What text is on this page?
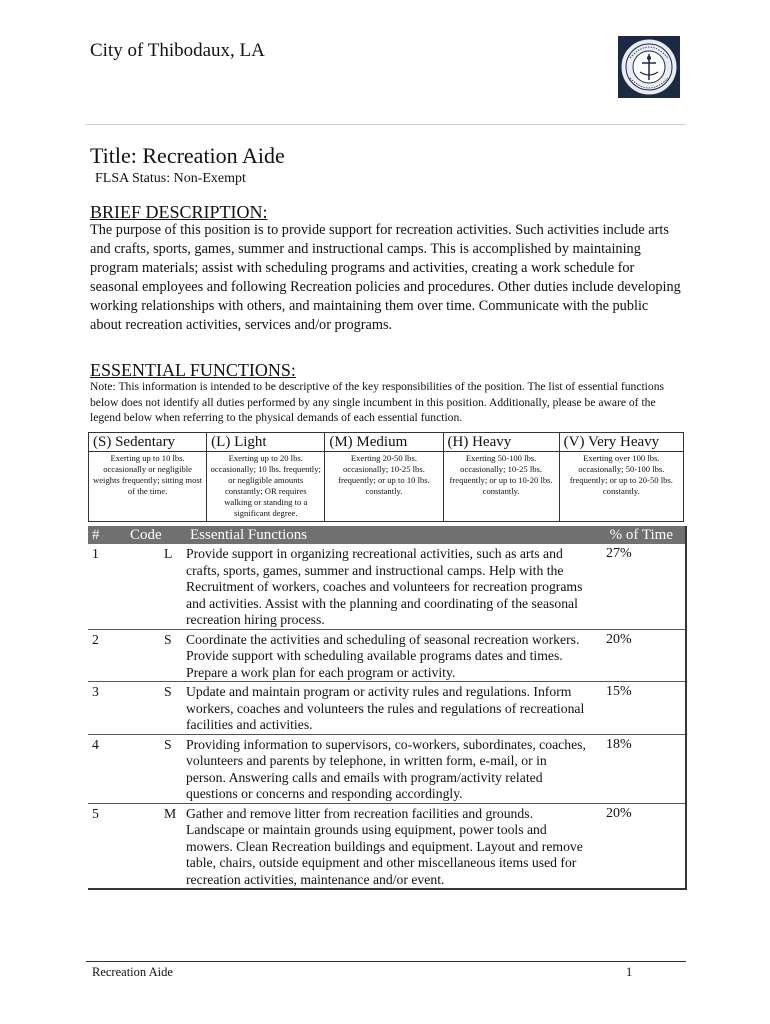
City of Thibodaux, LA
Title: Recreation Aide
FLSA Status: Non-Exempt
BRIEF DESCRIPTION:
The purpose of this position is to provide support for recreation activities. Such activities include arts and crafts, sports, games, summer and instructional camps. This is accomplished by maintaining program materials; assist with scheduling programs and activities, creating a work schedule for seasonal employees and following Recreation policies and procedures. Other duties include developing working relationships with others, and maintaining them over time. Communicate with the public about recreation activities, services and/or programs.
ESSENTIAL FUNCTIONS:
Note: This information is intended to be descriptive of the key responsibilities of the position. The list of essential functions below does not identify all duties performed by any single incumbent in this position. Additionally, please be aware of the legend below when referring to the physical demands of each essential function.
(S) Sedentary	(L) Light	(M) Medium	(H) Heavy	(V) Very Heavy
Exerting up to 10 lbs. occasionally or negligible weights frequently; sitting most of the time.	Exerting up to 20 lbs. occasionally; 10 lbs. frequently; or negligible amounts constantly; OR requires walking or standing to a significant degree.	Exerting 20-50 lbs. occasionally; 10-25 lbs. frequently; or up to 10 lbs. constantly.	Exerting 50-100 lbs. occasionally; 10-25 lbs. frequently; or up to 10-20 lbs. constantly.	Exerting over 100 lbs. occasionally; 50-100 lbs. frequently; or up to 20-50 lbs. constantly.
#	Code	Essential Functions	% of Time
1	L	Provide support in organizing recreational activities, such as arts and crafts, sports, games, summer and instructional camps. Help with the Recruitment of workers, coaches and volunteers for recreation programs and activities. Assist with the planning and coordinating of the seasonal recreation hiring process.	27%
2	S	Coordinate the activities and scheduling of seasonal recreation workers. Provide support with scheduling available programs dates and times. Prepare a work plan for each program or activity.	20%
3	S	Update and maintain program or activity rules and regulations. Inform workers, coaches and volunteers the rules and regulations of recreational facilities and activities.	15%
4	S	Providing information to supervisors, co-workers, subordinates, coaches, volunteers and parents by telephone, in written form, e-mail, or in person. Answering calls and emails with program/activity related questions or concerns and responding accordingly.	18%
5	M	Gather and remove litter from recreation facilities and grounds. Landscape or maintain grounds using equipment, power tools and mowers. Clean Recreation buildings and equipment. Layout and remove table, chairs, outside equipment and other miscellaneous items used for recreation activities, maintenance and/or event.	20%
Recreation Aide	1
